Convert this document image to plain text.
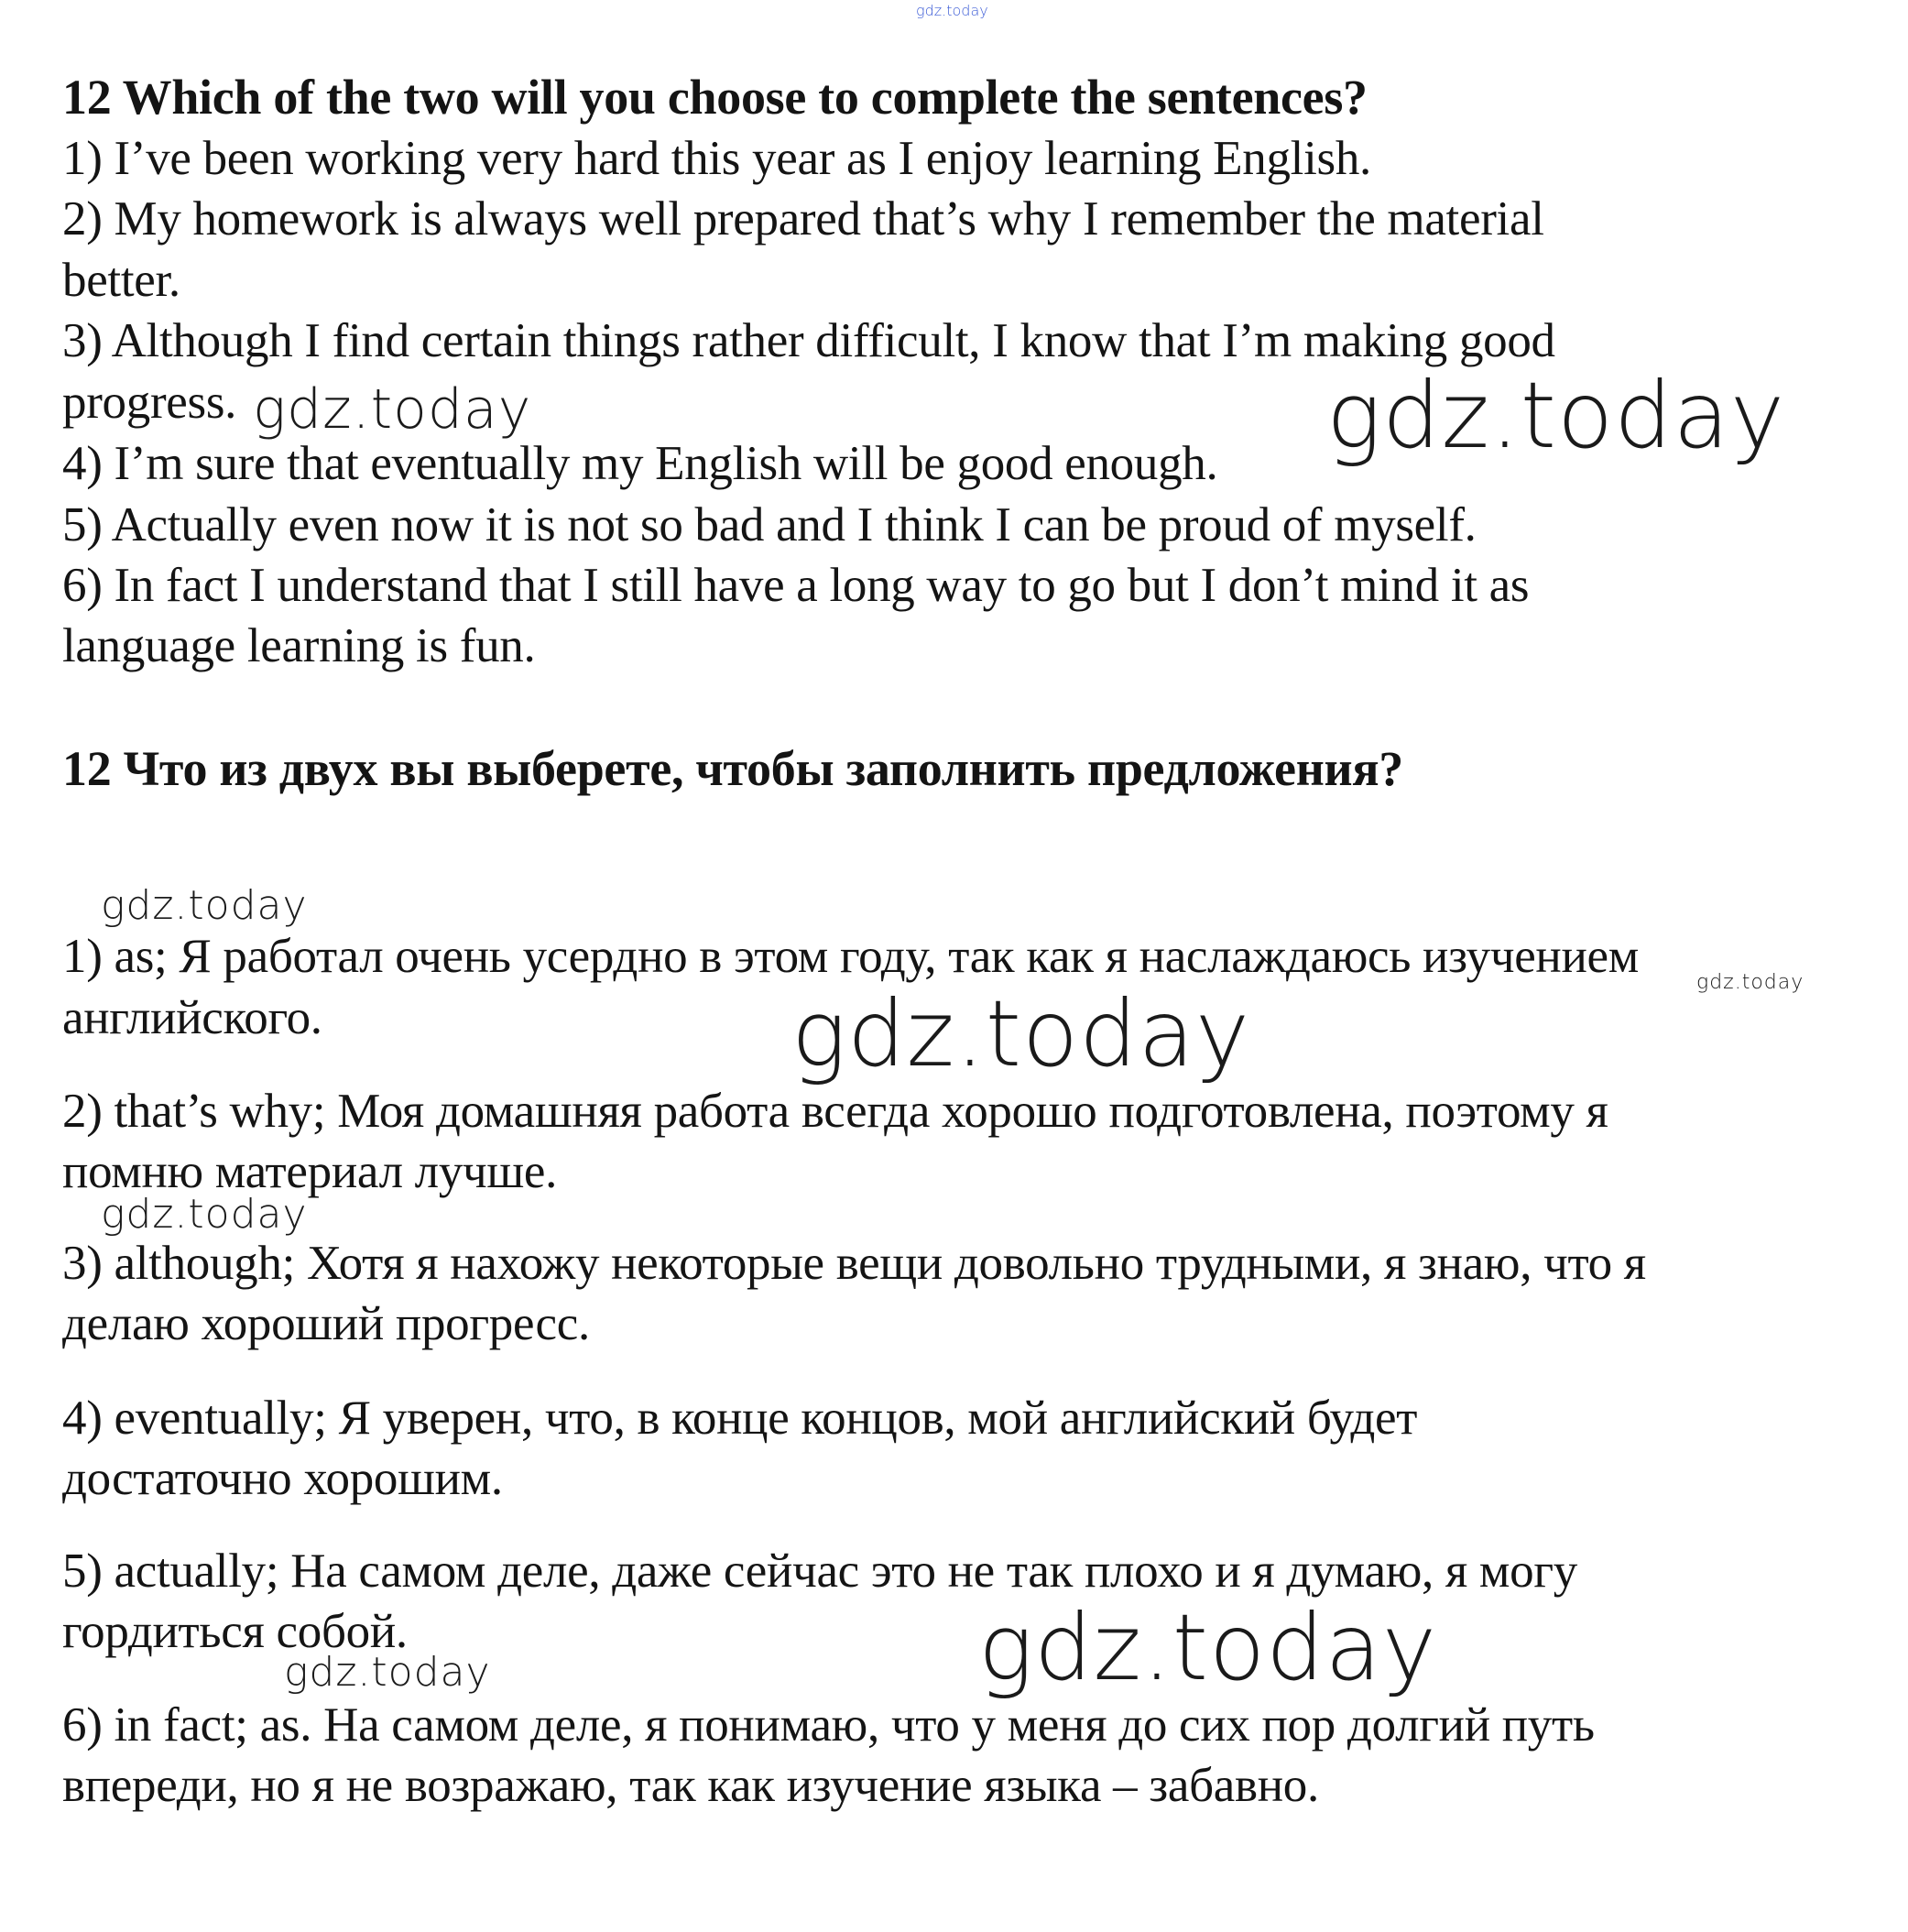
gdz.today
12 Which of the two will you choose to complete the sentences?
1) I’ve been working very hard this year as I enjoy learning English.
2) My homework is always well prepared that’s why I remember the material
better.
3) Although I find certain things rather difficult, I know that I’m making good
progress.
4) I’m sure that eventually my English will be good enough.
5) Actually even now it is not so bad and I think I can be proud of myself.
6) In fact I understand that I still have a long way to go but I don’t mind it as
language learning is fun.
12 Что из двух вы выберете, чтобы заполнить предложения?
1) as; Я работал очень усердно в этом году, так как я наслаждаюсь изучением
английского.
2) that’s why; Моя домашняя работа всегда хорошо подготовлена, поэтому я
помню материал лучше.
3) although; Хотя я нахожу некоторые вещи довольно трудными, я знаю, что я
делаю хороший прогресс.
4) eventually; Я уверен, что, в конце концов, мой английский будет
достаточно хорошим.
5) actually; На самом деле, даже сейчас это не так плохо и я думаю, я могу
гордиться собой.
6) in fact; as. На самом деле, я понимаю, что у меня до сих пор долгий путь
впереди, но я не возражаю, так как изучение языка – забавно.
gdz.today	gdz.today
gdz.today
gdz.today
gdz.today
gdz.today
gdz.today
gdz.today
